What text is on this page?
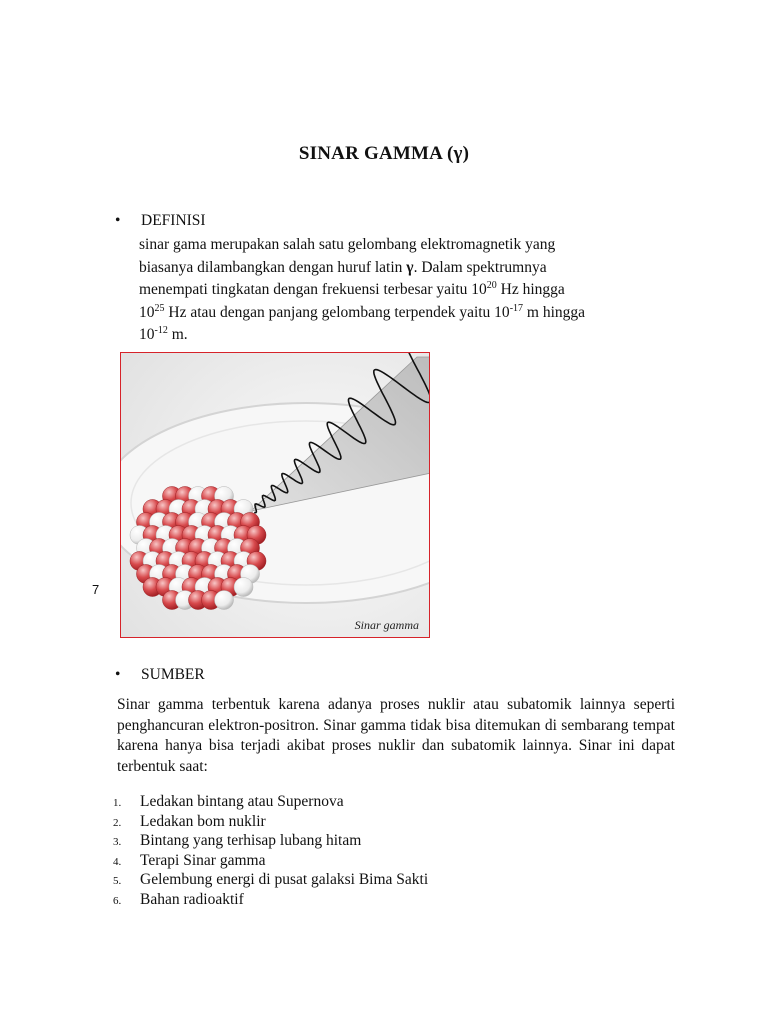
SINAR GAMMA (γ)
• DEFINISI
sinar gama merupakan salah satu gelombang elektromagnetik yang
biasanya dilambangkan dengan huruf latin γ. Dalam spektrumnya
menempati tingkatan dengan frekuensi terbesar yaitu $10^{20}$ Hz hingga
$10^{25}$ Hz atau dengan panjang gelombang terpendek yaitu $10^{-17}$ m hingga
$10^{-12}$ m.
Sinar gamma
7
• SUMBER
Sinar gamma terbentuk karena adanya proses nuklir atau subatomik lainnya seperti penghancuran elektron-positron. Sinar gamma tidak bisa ditemukan di sembarang tempat karena hanya bisa terjadi akibat proses nuklir dan subatomik lainnya. Sinar ini dapat terbentuk saat:
1. Ledakan bintang atau Supernova
2. Ledakan bom nuklir
3. Bintang yang terhisap lubang hitam
4. Terapi Sinar gamma
5. Gelembung energi di pusat galaksi Bima Sakti
6. Bahan radioaktif
